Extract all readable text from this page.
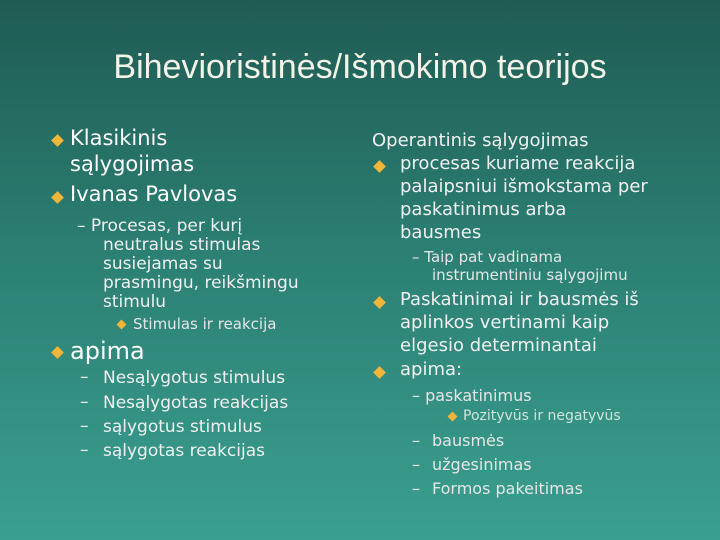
Bihevioristinės/Išmokimo teorijos
Klasikinis
sąlygojimas
Ivanas Pavlovas
– Procesas, per kurį
neutralus stimulas
susiejamas su
prasmingu, reikšmingu
stimulu
Stimulas ir reakcija
apima
– Nesąlygotus stimulus
– Nesąlygotas reakcijas
– sąlygotus stimulus
– sąlygotas reakcijas
Operantinis sąlygojimas
procesas kuriame reakcija
palaipsniui išmokstama per
paskatinimus arba
bausmes
– Taip pat vadinama
instrumentiniu sąlygojimu
Paskatinimai ir bausmės iš
aplinkos vertinami kaip
elgesio determinantai
apima:
– paskatinimus
Pozityvūs ir negatyvūs
– bausmės
– užgesinimas
– Formos pakeitimas
